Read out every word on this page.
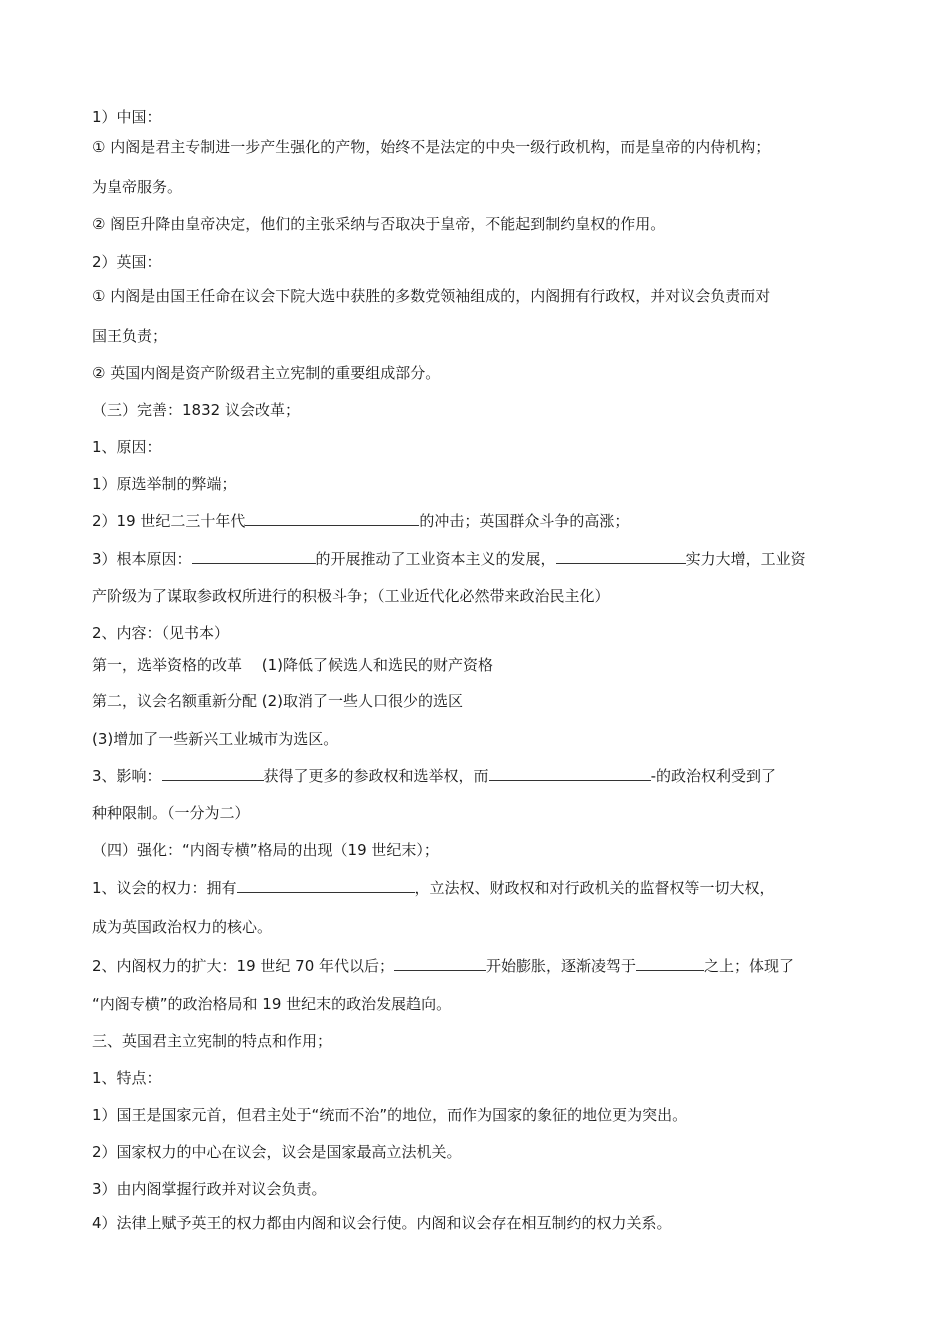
1）中国：
① 内阁是君主专制进一步产生强化的产物，始终不是法定的中央一级行政机构，而是皇帝的内侍机构；
为皇帝服务。
② 阁臣升降由皇帝决定，他们的主张采纳与否取决于皇帝，不能起到制约皇权的作用。
2）英国：
① 内阁是由国王任命在议会下院大选中获胜的多数党领袖组成的，内阁拥有行政权，并对议会负责而对
国王负责；
② 英国内阁是资产阶级君主立宪制的重要组成部分。
（三）完善：1832 议会改革；
1、原因：
1）原选举制的弊端；
2）19 世纪二三十年代	的冲击；英国群众斗争的高涨；
3）根本原因：	的开展推动了工业资本主义的发展，	实力大增，工业资
产阶级为了谋取参政权所进行的积极斗争；（工业近代化必然带来政治民主化）
2、内容：（见书本）
第一，选举资格的改革　 (1)降低了候选人和选民的财产资格
第二，议会名额重新分配 (2)取消了一些人口很少的选区
(3)增加了一些新兴工业城市为选区。
3、影响：	获得了更多的参政权和选举权，而	-的政治权利受到了
种种限制。（一分为二）
（四）强化：“内阁专横”格局的出现（19 世纪末）；
1、议会的权力：拥有	，立法权、财政权和对行政机关的监督权等一切大权，
成为英国政治权力的核心。
2、内阁权力的扩大：19 世纪 70 年代以后；	开始膨胀，逐渐凌驾于	之上；体现了
“内阁专横”的政治格局和 19 世纪末的政治发展趋向。
三、英国君主立宪制的特点和作用；
1、特点：
1）国王是国家元首，但君主处于“统而不治”的地位，而作为国家的象征的地位更为突出。
2）国家权力的中心在议会，议会是国家最高立法机关。
3）由内阁掌握行政并对议会负责。
4）法律上赋予英王的权力都由内阁和议会行使。内阁和议会存在相互制约的权力关系。
